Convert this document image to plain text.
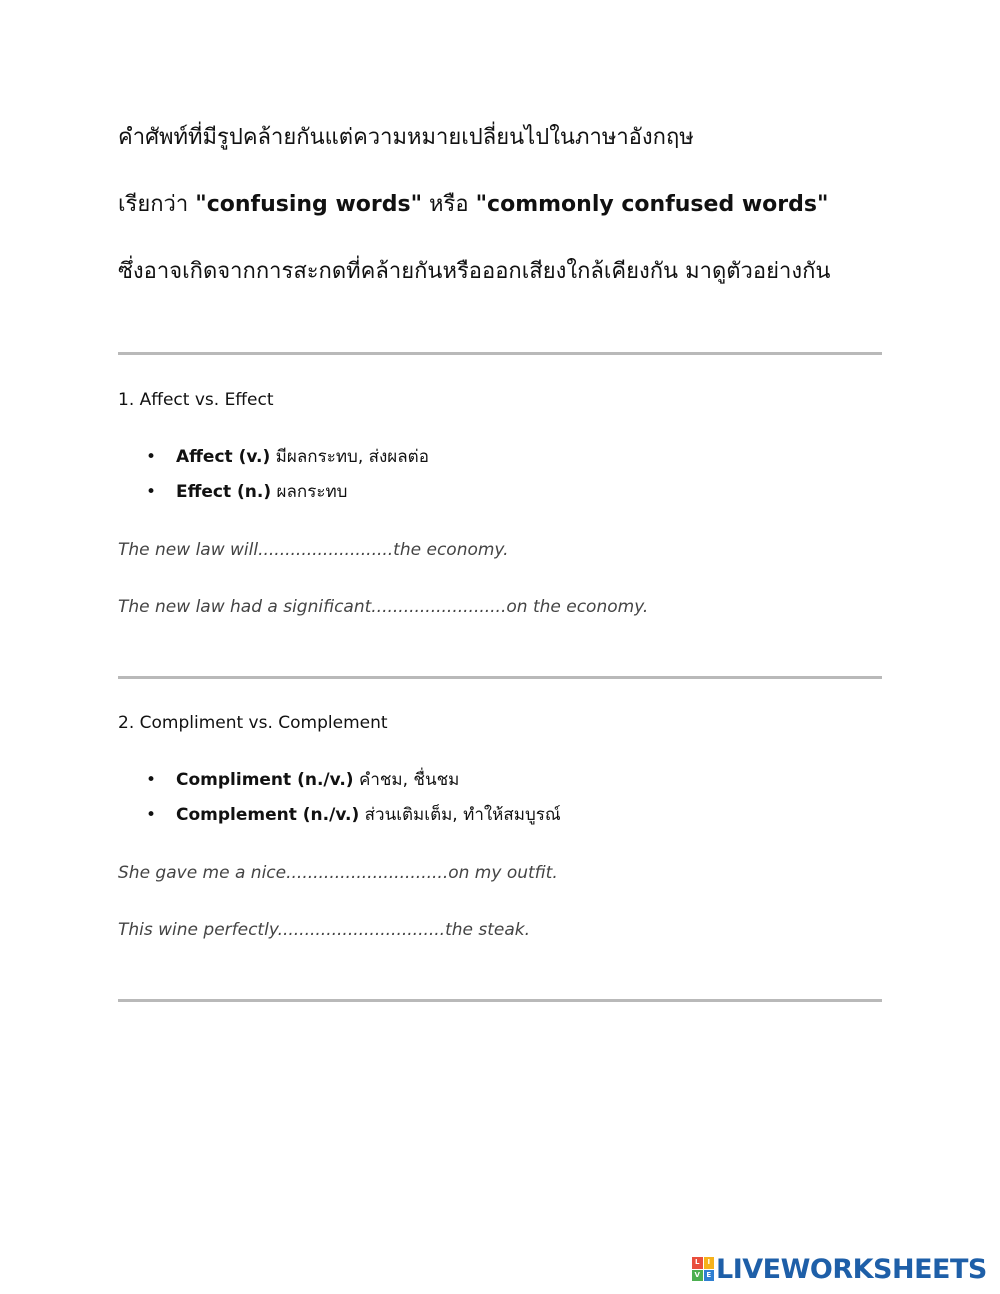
คำศัพท์ที่มีรูปคล้ายกันแต่ความหมายเปลี่ยนไปในภาษาอังกฤษ
เรียกว่า "confusing words" หรือ "commonly confused words"
ซึ่งอาจเกิดจากการสะกดที่คล้ายกันหรือออกเสียงใกล้เคียงกัน มาดูตัวอย่างกัน
1. Affect vs. Effect
• Affect (v.) มีผลกระทบ, ส่งผลต่อ
• Effect (n.) ผลกระทบ
The new law will.........................the economy.
The new law had a significant.........................on the economy.
2. Compliment vs. Complement
• Compliment (n./v.) คำชม, ชื่นชม
• Complement (n./v.) ส่วนเติมเต็ม, ทำให้สมบูรณ์
She gave me a nice..............................on my outfit.
This wine perfectly...............................the steak.
L	I
V E LIVEWORKSHEETS
